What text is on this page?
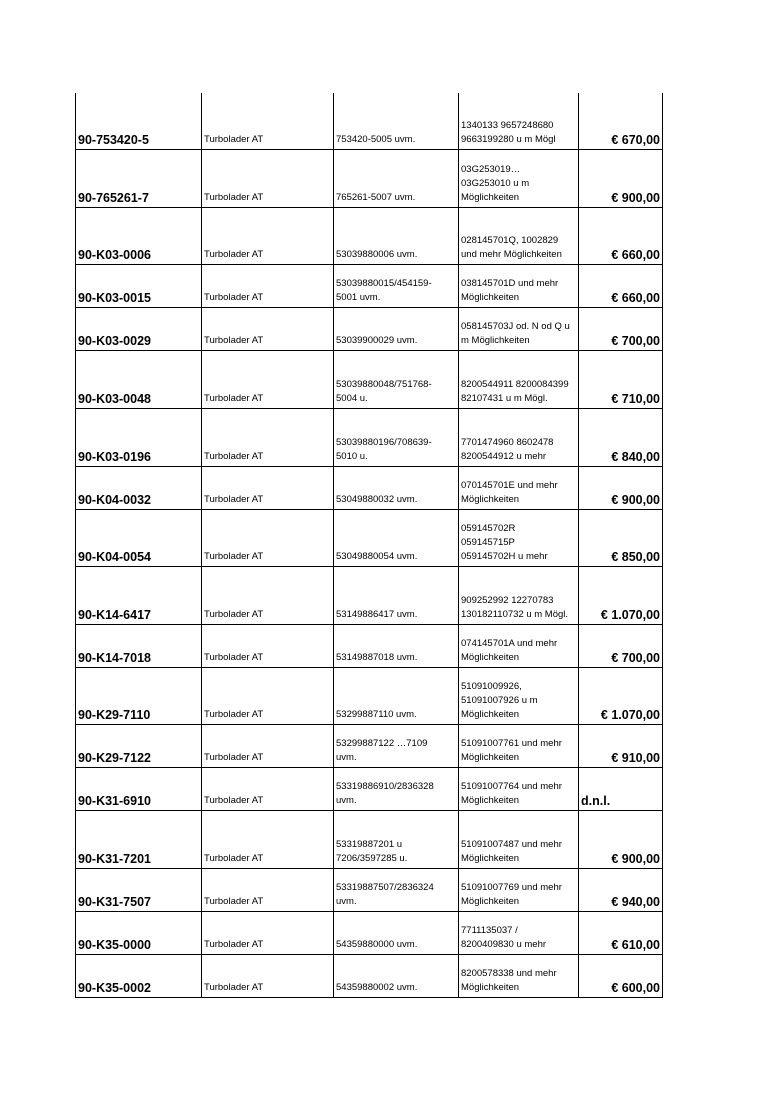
90-753420-5	Turbolader AT	753420-5005 uvm.	1340133 9657248680
9663199280 u m Mögl	€ 670,00
90-765261-7	Turbolader AT	765261-5007 uvm.	03G253019…
03G253010 u m
Möglichkeiten	€ 900,00
90-K03-0006	Turbolader AT	53039880006 uvm.	028145701Q, 1002829
und mehr Möglichkeiten	€ 660,00
90-K03-0015	Turbolader AT	53039880015/454159-
5001 uvm.	038145701D und mehr
Möglichkeiten	€ 660,00
90-K03-0029	Turbolader AT	53039900029 uvm.	058145703J od. N od Q u
m Möglichkeiten	€ 700,00
90-K03-0048	Turbolader AT	53039880048/751768-
5004 u.	8200544911 8200084399
82107431 u m Mögl.	€ 710,00
90-K03-0196	Turbolader AT	53039880196/708639-
5010 u.	7701474960 8602478
8200544912 u mehr	€ 840,00
90-K04-0032	Turbolader AT	53049880032 uvm.	070145701E und mehr
Möglichkeiten	€ 900,00
90-K04-0054	Turbolader AT	53049880054 uvm.	059145702R
059145715P
059145702H u mehr	€ 850,00
90-K14-6417	Turbolader AT	53149886417 uvm.	909252992 12270783
130182110732 u m Mögl.	€ 1.070,00
90-K14-7018	Turbolader AT	53149887018 uvm.	074145701A und mehr
Möglichkeiten	€ 700,00
90-K29-7110	Turbolader AT	53299887110 uvm.	51091009926,
51091007926 u m
Möglichkeiten	€ 1.070,00
90-K29-7122	Turbolader AT	53299887122 …7109
uvm.	51091007761 und mehr
Möglichkeiten	€ 910,00
90-K31-6910	Turbolader AT	53319886910/2836328
uvm.	51091007764 und mehr
Möglichkeiten	d.n.l.
90-K31-7201	Turbolader AT	53319887201 u
7206/3597285 u.	51091007487 und mehr
Möglichkeiten	€ 900,00
90-K31-7507	Turbolader AT	53319887507/2836324
uvm.	51091007769 und mehr
Möglichkeiten	€ 940,00
90-K35-0000	Turbolader AT	54359880000 uvm.	7711135037 /
8200409830 u mehr	€ 610,00
90-K35-0002	Turbolader AT	54359880002 uvm.	8200578338 und mehr
Möglichkeiten	€ 600,00
